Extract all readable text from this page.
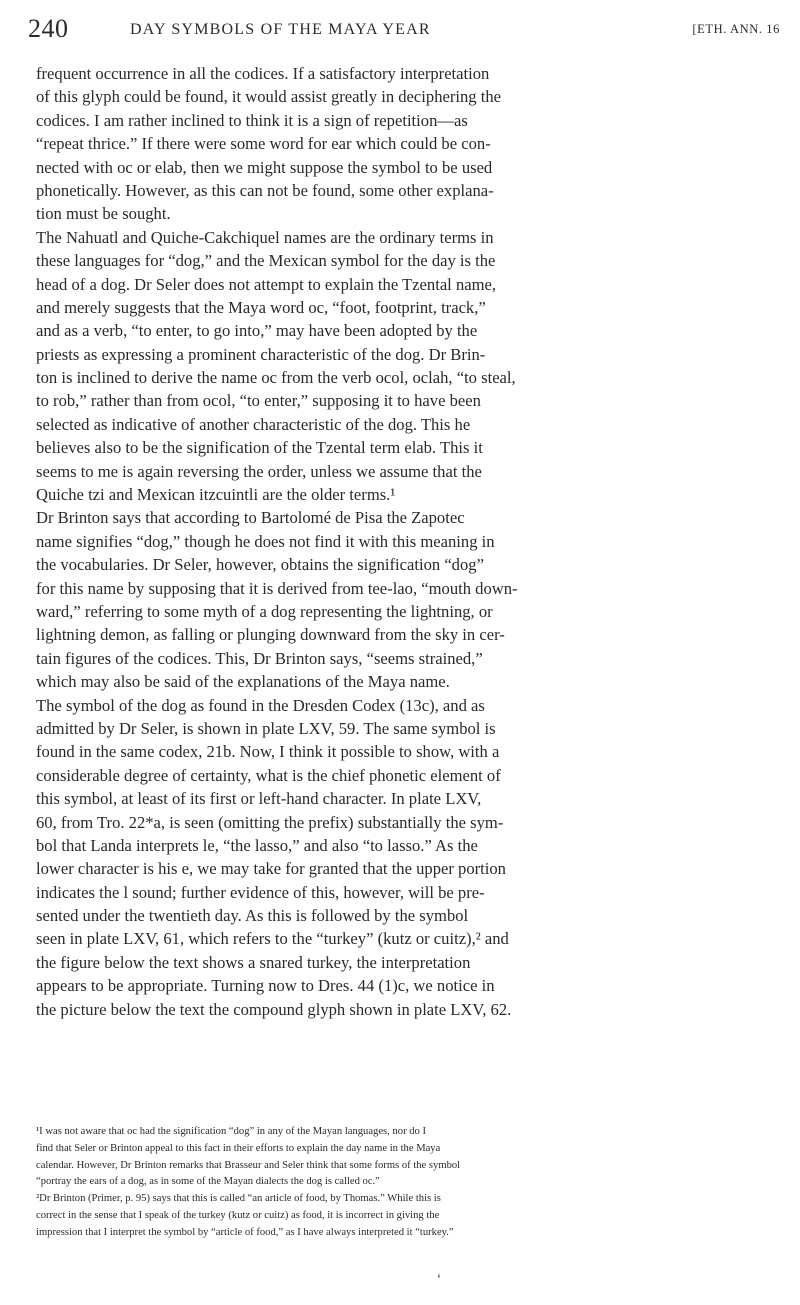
240	DAY SYMBOLS OF THE MAYA YEAR	[ETH. ANN. 16
frequent occurrence in all the codices. If a satisfactory interpretation
of this glyph could be found, it would assist greatly in deciphering the
codices. I am rather inclined to think it is a sign of repetition—as
“repeat thrice.” If there were some word for ear which could be con-
nected with oc or elab, then we might suppose the symbol to be used
phonetically. However, as this can not be found, some other explana-
tion must be sought.
The Nahuatl and Quiche-Cakchiquel names are the ordinary terms in
these languages for “dog,” and the Mexican symbol for the day is the
head of a dog. Dr Seler does not attempt to explain the Tzental name,
and merely suggests that the Maya word oc, “foot, footprint, track,”
and as a verb, “to enter, to go into,” may have been adopted by the
priests as expressing a prominent characteristic of the dog. Dr Brin-
ton is inclined to derive the name oc from the verb ocol, oclah, “to steal,
to rob,” rather than from ocol, “to enter,” supposing it to have been
selected as indicative of another characteristic of the dog. This he
believes also to be the signification of the Tzental term elab. This it
seems to me is again reversing the order, unless we assume that the
Quiche tzi and Mexican itzcuintli are the older terms.¹
Dr Brinton says that according to Bartolomé de Pisa the Zapotec
name signifies “dog,” though he does not find it with this meaning in
the vocabularies. Dr Seler, however, obtains the signification “dog”
for this name by supposing that it is derived from tee-lao, “mouth down-
ward,” referring to some myth of a dog representing the lightning, or
lightning demon, as falling or plunging downward from the sky in cer-
tain figures of the codices. This, Dr Brinton says, “seems strained,”
which may also be said of the explanations of the Maya name.
The symbol of the dog as found in the Dresden Codex (13c), and as
admitted by Dr Seler, is shown in plate LXV, 59. The same symbol is
found in the same codex, 21b. Now, I think it possible to show, with a
considerable degree of certainty, what is the chief phonetic element of
this symbol, at least of its first or left-hand character. In plate LXV,
60, from Tro. 22*a, is seen (omitting the prefix) substantially the sym-
bol that Landa interprets le, “the lasso,” and also “to lasso.” As the
lower character is his e, we may take for granted that the upper portion
indicates the l sound; further evidence of this, however, will be pre-
sented under the twentieth day. As this is followed by the symbol
seen in plate LXV, 61, which refers to the “turkey” (kutz or cuitz),² and
the figure below the text shows a snared turkey, the interpretation
appears to be appropriate. Turning now to Dres. 44 (1)c, we notice in
the picture below the text the compound glyph shown in plate LXV, 62.
¹I was not aware that oc had the signification “dog” in any of the Mayan languages, nor do I
find that Seler or Brinton appeal to this fact in their efforts to explain the day name in the Maya
calendar. However, Dr Brinton remarks that Brasseur and Seler think that some forms of the symbol
“portray the ears of a dog, as in some of the Mayan dialects the dog is called oc.”
²Dr Brinton (Primer, p. 95) says that this is called “an article of food, by Thomas.” While this is
correct in the sense that I speak of the turkey (kutz or cuitz) as food, it is incorrect in giving the
impression that I interpret the symbol by “article of food,” as I have always interpreted it “turkey.”
‘
